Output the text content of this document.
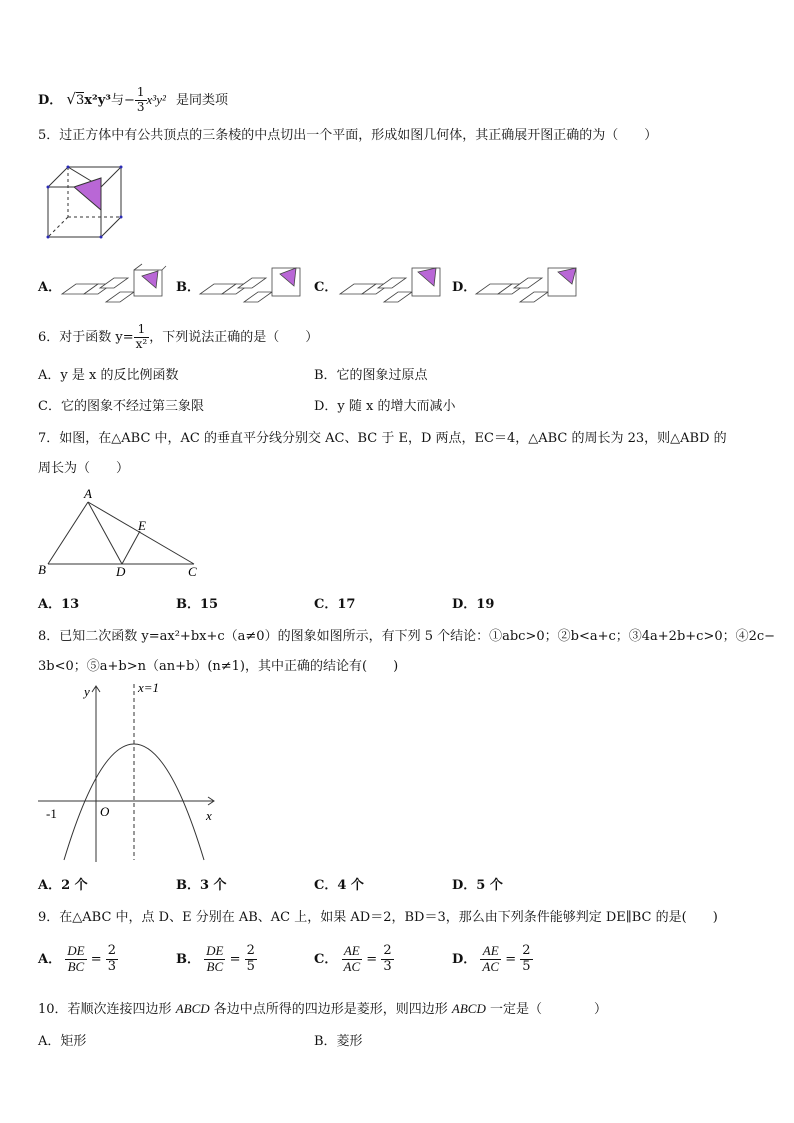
D． √3x²y³与− $\frac{1}{3} x^3y^2$ 是同类项
5．过正方体中有公共顶点的三条棱的中点切出一个平面，形成如图几何体，其正确展开图正确的为（　　）
A．	B．	C．	D．
6．对于函数 $y= \frac{1}{\text{x²}}$ ，下列说法正确的是（　　）
A．y 是 x 的反比例函数	B．它的图象过原点
C．它的图象不经过第三象限	D．y 随 x 的增大而减小
7．如图，在△ABC 中，AC 的垂直平分线分别交 AC、BC 于 E，D 两点，EC＝4，△ABC 的周长为 23，则△ABD 的
周长为（　　）
A
E
B	D	C
A．13	B．15	C．17	D．19
8．已知二次函数 y=ax²+bx+c（a≠0）的图象如图所示，有下列 5 个结论：①abc>0；②b<a+c；③4a+2b+c>0；④2c−
3b<0；⑤a+b>n（an+b）(n≠1)，其中正确的结论有(　　)
y	x=1
-1	O	x
A．2 个	B．3 个	C．4 个	D．5 个
9．在△ABC 中，点 D、E 分别在 AB、AC 上，如果 AD＝2，BD＝3，那么由下列条件能够判定 DE∥BC 的是(　　)
A． $\frac{DE}{BC} = \frac{2}{3}$	B． $\frac{DE}{BC} = \frac{2}{5}$	C． $\frac{AE}{AC} = \frac{2}{3}$	D． $\frac{AE}{AC} = \frac{2}{5}$
10．若顺次连接四边形 ABCD 各边中点所得的四边形是菱形，则四边形 ABCD 一定是（　　　　）
A．矩形	B．菱形
